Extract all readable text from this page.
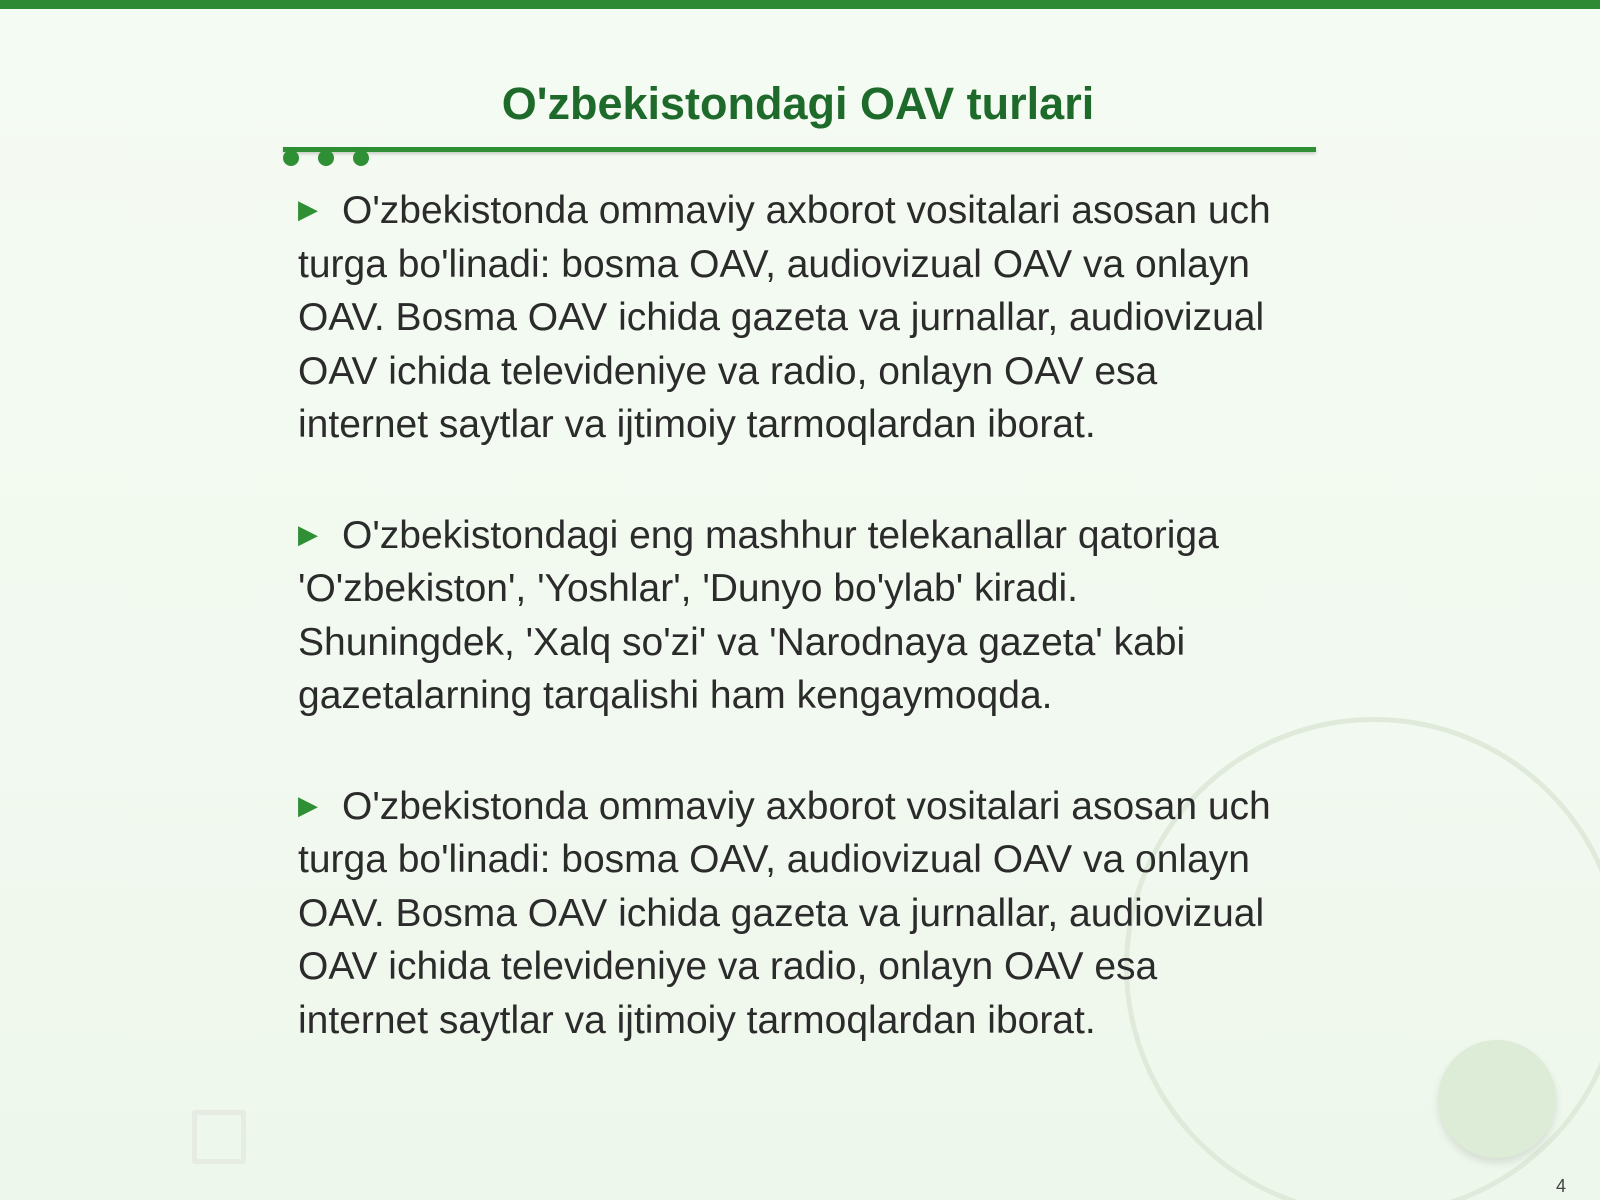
O'zbekistondagi OAV turlari

▶ O'zbekistonda ommaviy axborot vositalari asosan uch turga bo'linadi: bosma OAV, audiovizual OAV va onlayn OAV. Bosma OAV ichida gazeta va jurnallar, audiovizual OAV ichida televideniye va radio, onlayn OAV esa internet saytlar va ijtimoiy tarmoqlardan iborat.

▶ O'zbekistondagi eng mashhur telekanallar qatoriga 'O'zbekiston', 'Yoshlar', 'Dunyo bo'ylab' kiradi. Shuningdek, 'Xalq so'zi' va 'Narodnaya gazeta' kabi gazetalarning tarqalishi ham kengaymoqda.

▶ O'zbekistonda ommaviy axborot vositalari asosan uch turga bo'linadi: bosma OAV, audiovizual OAV va onlayn OAV. Bosma OAV ichida gazeta va jurnallar, audiovizual OAV ichida televideniye va radio, onlayn OAV esa internet saytlar va ijtimoiy tarmoqlardan iborat.

4
